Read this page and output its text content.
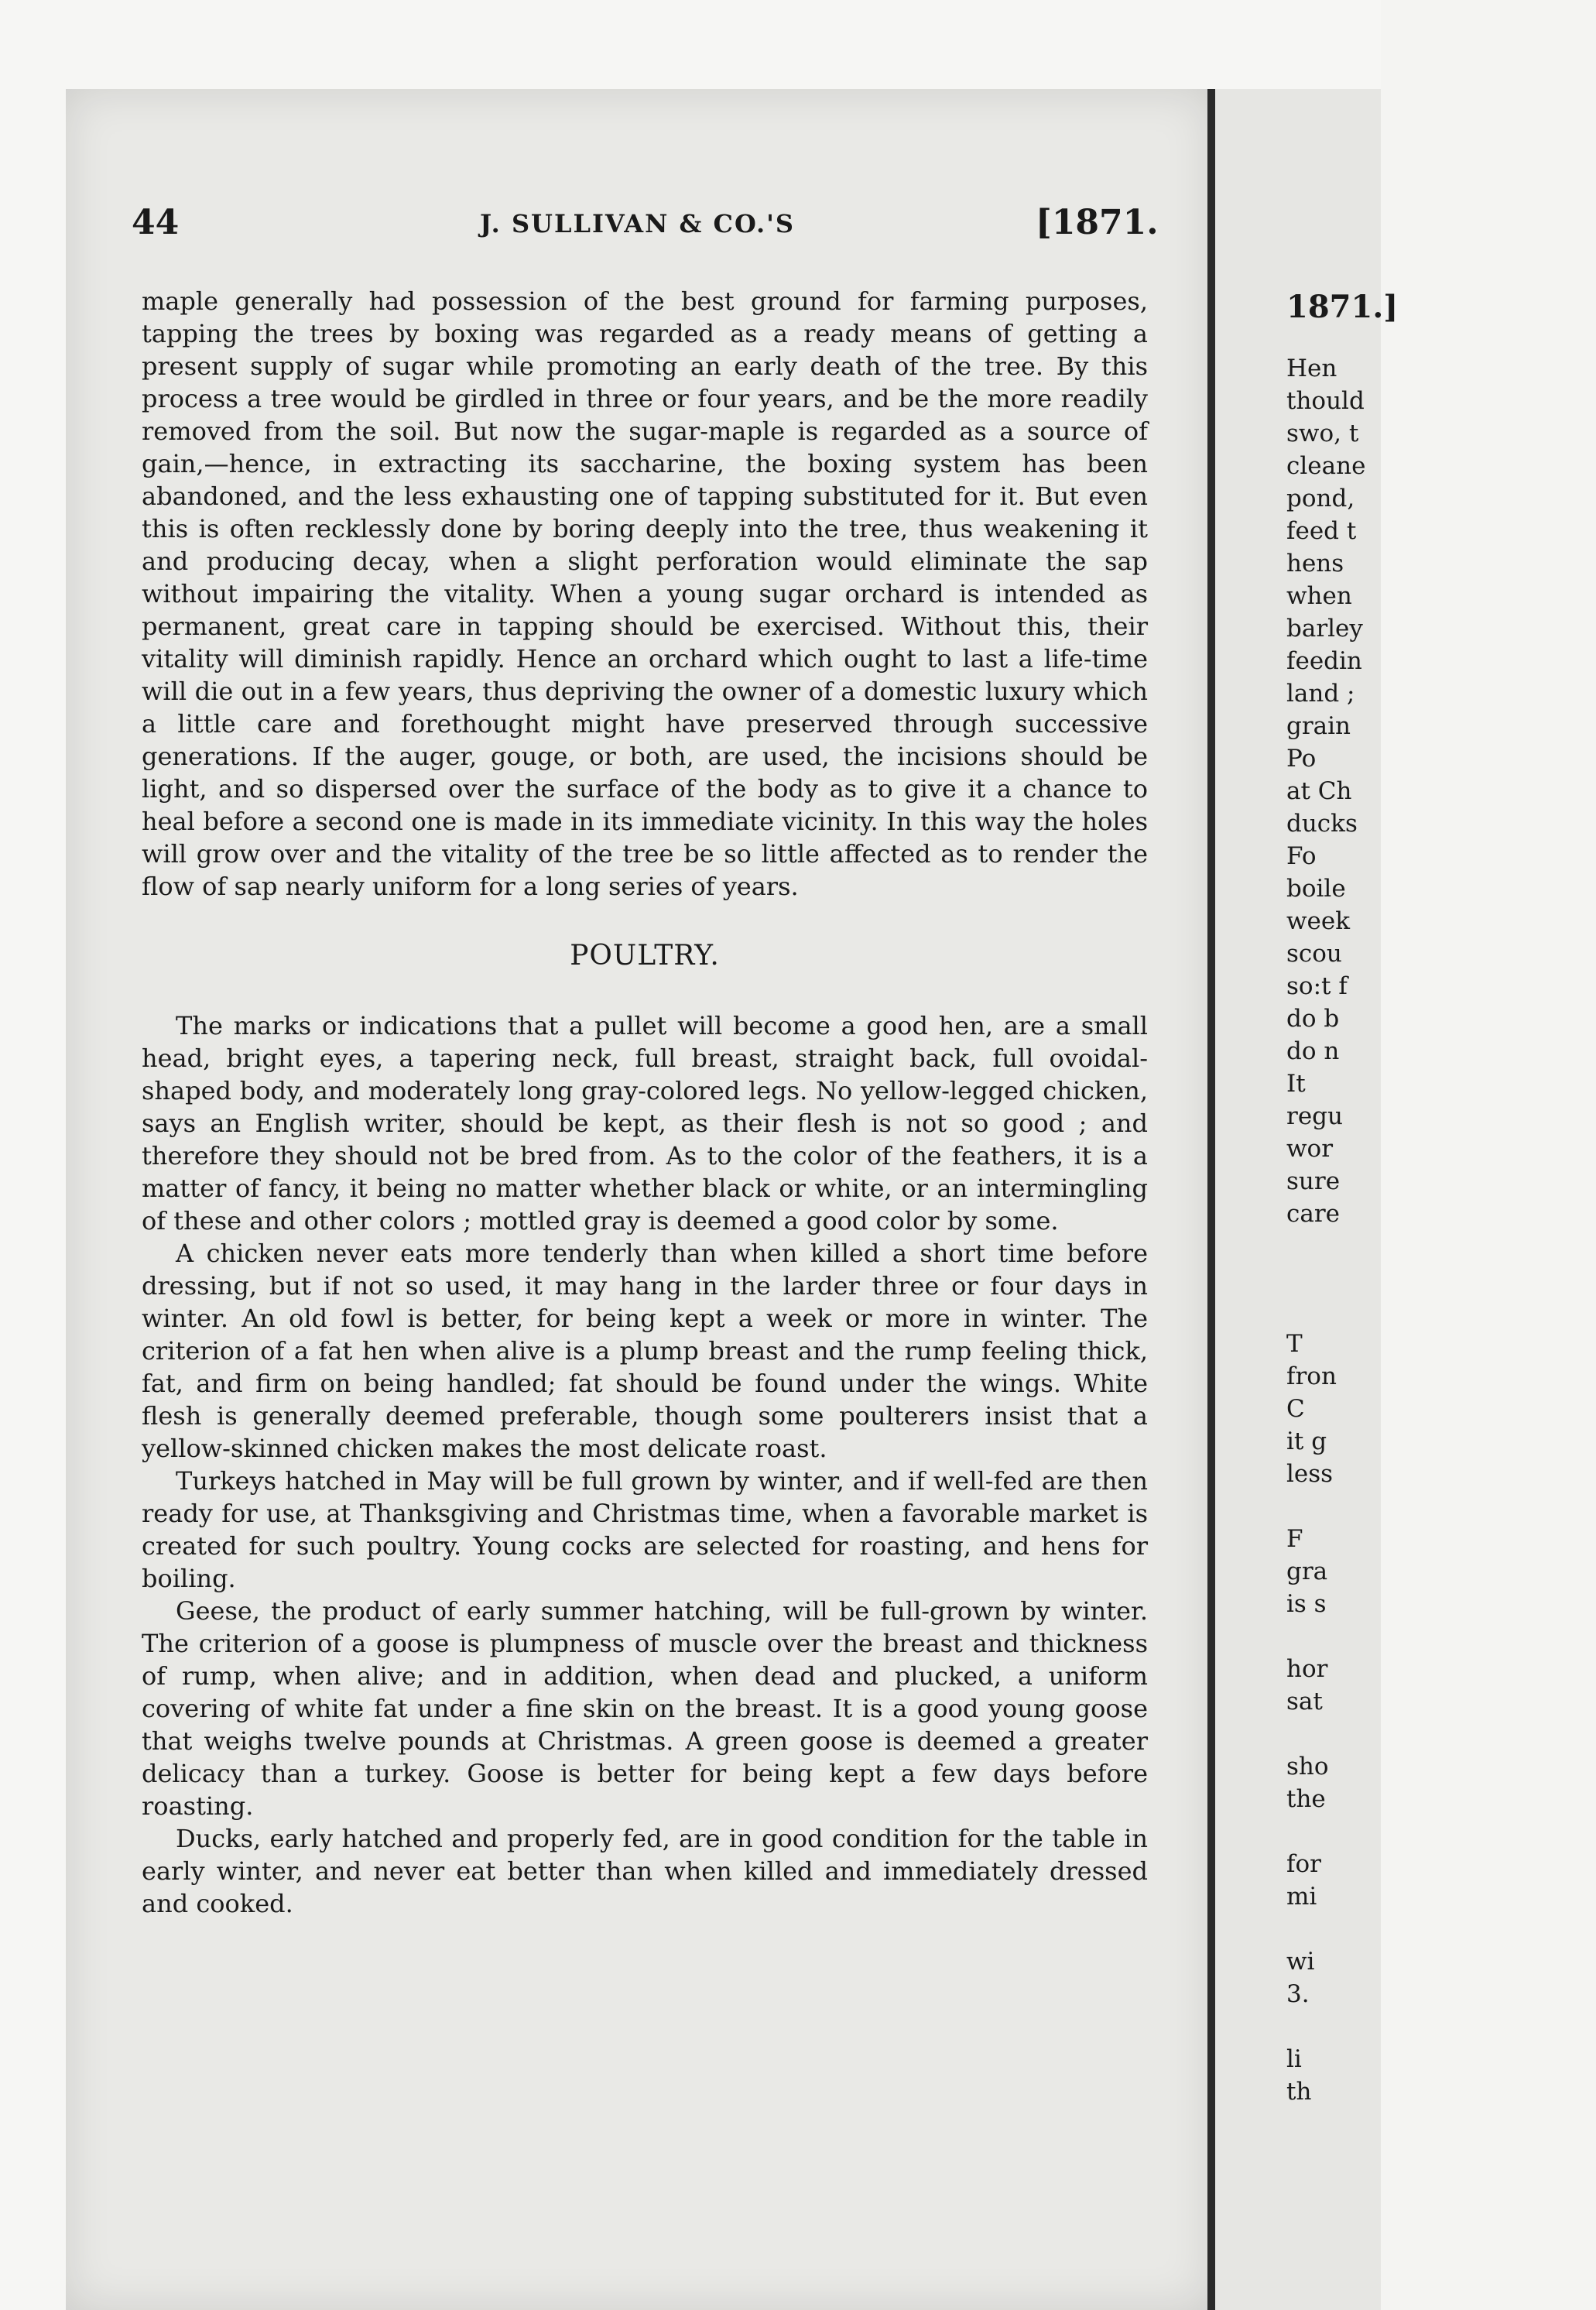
1871.]
Hen
thould
swo, t
cleane
pond,
feed t
hens
when
barley
feedin
land ;
grain
Po
at Ch
ducks
Fo
boile
week
scou
so:t f
do b
do n
It
regu
wor
sure
care
T
fron
C
it g
less
F
gra
is s
hor
sat
sho
the
for
mi
wi
3.
li
th
44	J. SULLIVAN & CO.'S	[1871.

maple generally had possession of the best ground for farming purposes, tapping the trees by boxing was regarded as a ready means of getting a present supply of sugar while promoting an early death of the tree. By this process a tree would be girdled in three or four years, and be the more readily removed from the soil. But now the sugar-maple is regarded as a source of gain,—hence, in extracting its saccharine, the boxing system has been abandoned, and the less exhausting one of tapping substituted for it. But even this is often recklessly done by boring deeply into the tree, thus weakening it and producing decay, when a slight perforation would eliminate the sap without impairing the vitality. When a young sugar orchard is intended as permanent, great care in tapping should be exercised. Without this, their vitality will diminish rapidly. Hence an orchard which ought to last a life-time will die out in a few years, thus depriving the owner of a domestic luxury which a little care and forethought might have preserved through successive generations. If the auger, gouge, or both, are used, the incisions should be light, and so dispersed over the surface of the body as to give it a chance to heal before a second one is made in its immediate vicinity. In this way the holes will grow over and the vitality of the tree be so little affected as to render the flow of sap nearly uniform for a long series of years.

POULTRY.

The marks or indications that a pullet will become a good hen, are a small head, bright eyes, a tapering neck, full breast, straight back, full ovoidal-shaped body, and moderately long gray-colored legs. No yellow-legged chicken, says an English writer, should be kept, as their flesh is not so good ; and therefore they should not be bred from. As to the color of the feathers, it is a matter of fancy, it being no matter whether black or white, or an intermingling of these and other colors ; mottled gray is deemed a good color by some.

A chicken never eats more tenderly than when killed a short time before dressing, but if not so used, it may hang in the larder three or four days in winter. An old fowl is better, for being kept a week or more in winter. The criterion of a fat hen when alive is a plump breast and the rump feeling thick, fat, and firm on being handled; fat should be found under the wings. White flesh is generally deemed preferable, though some poulterers insist that a yellow-skinned chicken makes the most delicate roast.

Turkeys hatched in May will be full grown by winter, and if well-fed are then ready for use, at Thanksgiving and Christmas time, when a favorable market is created for such poultry. Young cocks are selected for roasting, and hens for boiling.

Geese, the product of early summer hatching, will be full-grown by winter. The criterion of a goose is plumpness of muscle over the breast and thickness of rump, when alive; and in addition, when dead and plucked, a uniform covering of white fat under a fine skin on the breast. It is a good young goose that weighs twelve pounds at Christmas. A green goose is deemed a greater delicacy than a turkey. Goose is better for being kept a few days before roasting.

Ducks, early hatched and properly fed, are in good condition for the table in early winter, and never eat better than when killed and immediately dressed and cooked.
